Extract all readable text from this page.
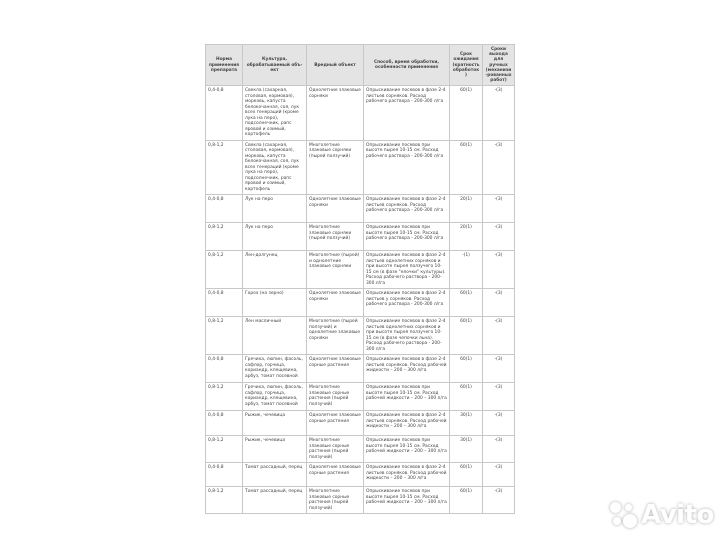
Норма применения препарата	Культура, обрабатываемый объ-ект	Вредный объект	Способ, время обработки, особенности применения	Срок ожидания (кратность обработок)	Сроки выхода для ручных (механизи-рованных работ)
0,4-0,8	Свекла (сахарная, столовая, кормовая), морковь, капуста белокочанная, соя, лук всех генераций (кроме лука на перо), подсолнечник, рапс яровой и озимый, картофель	Однолетние злаковые сорняки	Опрыскивание посевов в фазе 2-4 листьев сорняков. Расход рабочего раствора - 200-300 л/га	60(1)	-(3)
0,8-1,2	Свекла (сахарная, столовая, кормовая), морковь, капуста белокочанная, соя, лук всех генераций (кроме лука на перо), подсолнечник, рапс яровой и озимый, картофель	Многолетние злаковые сорняки (пырей ползучий)	Опрыскивание посевов при высоте пырея 10-15 см. Расход рабочего раствора - 200-300 л/га	60(1)	-(3)
0,4-0,8	Лук на перо	Однолетние злаковые сорняки	Опрыскивание посевов в фазе 2-4 листьев сорняков. Расход рабочего раствора - 200-300 л/га	20(1)	-(3)
0,8-1,2	Лук на перо	Многолетние злаковые сорняки (пырей ползучий)	Опрыскивание посевов при высоте пырея 10-15 см. Расход рабочего раствора - 200-300 л/га	20(1)	-(3)
0,8-1,2	Лен-долгунец	Многолетние (пырей) и однолетние злаковые сорняки	Опрыскивание посевов в фазе 2-4 листьев однолетних сорняков и при высоте пырея ползучего 10-15 см (в фазе "елочки" культуры). Расход рабочего раствора - 200-300 л/га	-(1)	-(3)
0,4-0,8	Горох (на зерно)	Однолетние злаковые сорняки	Опрыскивание посевов в фазе 2-4 листьев у сорняков. Расход рабочего раствора - 200-300 л/га	60(1)	-(3)
0,8-1,2	Лен масличный	Многолетние (пырей ползучий) и однолетние злаковые сорняки	Опрыскивание посевов в фазе 2-4 листьев однолетних сорняков и при высоте пырея ползучего 10-15 см (в фазе чепочки льна). Расход рабочего раствора - 200-300 л/га	60(1)	-(3)
0,4-0,8	Гречиха, люпин, фасоль, сафлор, горчица, кориандр, клещевина, арбуз, томат посевной	Однолетние злаковые сорные растения	Опрыскивание посевов в фазе 2-4 листьев сорняков. Расход рабочей жидкости – 200 – 300 л/га	60(1)	-(3)
0,8-1,2	Гречиха, люпин, фасоль, сафлор, горчица, кориандр, клещевина, арбуз, томат посевной	Многолетние злаковые сорные растения (пырей ползучий)	Опрыскивание посевов при высоте пырея 10-15 см. Расход рабочей жидкости – 200 – 300 л/га	60(1)	-(3)
0,4-0,8	Рыжик, чечевица	Однолетние злаковые сорные растения	Опрыскивание посевов в фазе 2-4 листьев сорняков. Расход рабочей жидкости – 200 – 300 л/га	30(1)	-(3)
0,8-1,2	Рыжик, чечевица	Многолетние злаковые сорные растения (пырей ползучий)	Опрыскивание посевов при высоте пырея 10-15 см. Расход рабочей жидкости – 200 – 300 л/га	30(1)	-(3)
0,4-0,8	Томат рассадный, перец	Однолетние злаковые сорные растения	Опрыскивание посевов в фазе 2-4 листьев сорняков. Расход рабочей жидкости – 200 – 300 л/га	60(1)	-(3)
0,8-1,2	Томат рассадный, перец	Многолетние злаковые сорные растения (пырей ползучий)	Опрыскивание посевов при высоте пырея 10-15 см. Расход рабочей жидкости – 200 – 300 л/га	60(1)	-(3)
Avito
